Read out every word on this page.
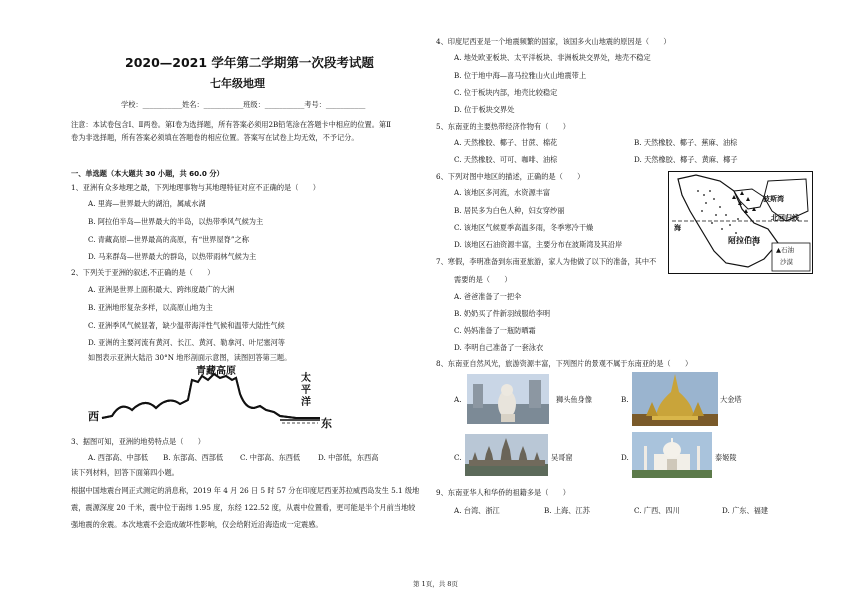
2020—2021 学年第二学期第一次段考试题
七年级地理
学校：___________姓名：___________班级：___________考号：___________
注意：本试卷包含Ⅰ、Ⅱ两卷。第Ⅰ卷为选择题，所有答案必须用2B铅笔涂在答题卡中相应的位置。第Ⅱ
卷为非选择题，所有答案必须填在答题卷的相应位置。答案写在试卷上均无效，不予记分。
一、单选题（本大题共 30 小题，共 60.0 分）
1、亚洲有众多地理之最，下列地理事物与其地理特征对应不正确的是（　　）
A. 里海—世界最大的湖泊，属咸水湖
B. 阿拉伯半岛—世界最大的半岛，以热带季风气候为主
C. 青藏高原—世界最高的高原，有“世界屋脊”之称
D. 马来群岛—世界最大的群岛，以热带雨林气候为主
2、下列关于亚洲的叙述,不正确的是（　　）
A. 亚洲是世界上面积最大、跨纬度最广的大洲
B. 亚洲地形复杂多样，以高原山地为主
C. 亚洲季风气候显著，缺少温带海洋性气候和温带大陆性气候
D. 亚洲的主要河流有黄河、长江、黄河、勒拿河、叶尼塞河等
如图表示亚洲大陆沿 30°N 地形剖面示意图，读图回答第三题。
青藏高原
西
东
太
平
洋
3、据图可知，亚洲的地势特点是（　　）
A. 西部高、中部低 B. 东部高、西部低 C. 中部高、东西低 D. 中部低，东西高
读下列材料，回答下面第四小题。
根据中国地震台网正式测定的消息称，2019 年 4 月 26 日 5 时 57 分在印度尼西亚苏拉威西岛发生 5.1 级地
震，震源深度 20 千米，震中位于南纬 1.95 度，东经 122.52 度，从震中位置看，更可能是半个月前当地较
强地震的余震。本次地震不会造成破坏性影响，仅会给附近沿海造成一定震感。
4、印度尼西亚是一个地震频繁的国家，该国多火山地震的原因是（　　）
A. 地处欧亚板块、太平洋板块、非洲板块交界处，地壳不稳定
B. 位于地中海—喜马拉雅山火山地震带上
C. 位于板块内部，地壳比较稳定
D. 位于板块交界处
5、东南亚的主要热带经济作物有（　　）
A. 天然橡胶、椰子、甘蔗、棉花	B. 天然橡胶、椰子、蕉麻、油棕
C. 天然橡胶、可可、咖啡、油棕	D. 天然橡胶、椰子、黄麻、椰子
6、下列对图中地区的描述，正确的是（　　）
A. 该地区多河流，水资源丰富
B. 居民多为白色人种，妇女穿纱丽
C. 该地区气候夏季高温多雨，冬季寒冷干燥
D. 该地区石油资源丰富，主要分布在波斯湾及其沿岸
波斯湾
北回归线
海
阿拉伯海
▲石油
沙漠
7、寒假，李明准备到东南亚旅游，家人为他做了以下的准备，其中不
需要的是（　　）
A. 爸爸准备了一把伞
B. 奶奶买了件新羽绒服给李明
C. 妈妈准备了一瓶防晒霜
D. 李明自己准备了一套泳衣
8、东南亚自然风光，旅游资源丰富，下列图片的景观不属于东南亚的是（　　）
A.	狮头鱼身像	B.	大金塔
C.	吴哥窟	D.	泰姬陵
9、东南亚华人和华侨的祖籍多是（　　）
A. 台湾、浙江	B. 上海、江苏	C. 广西、四川	D. 广东、福建
第 1页，共 8页
